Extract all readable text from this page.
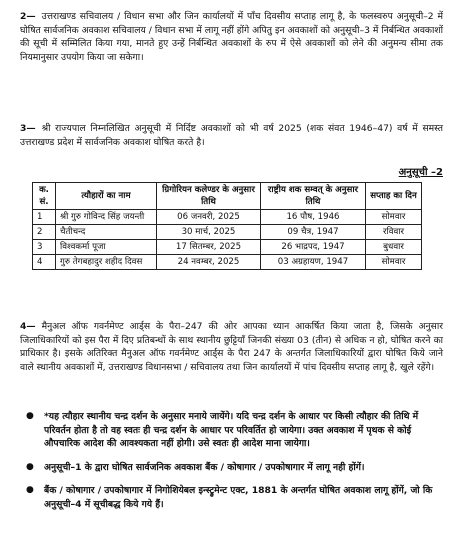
2— उत्तराखण्ड सचिवालय / विधान सभा और जिन कार्यालयों में पाँच दिवसीय सप्ताह लागू है, के फलस्वरुप अनुसूची–2 में घोषित सार्वजनिक अवकाश सचिवालय / विधान सभा में लागू नहीं होंगे अपितु इन अवकाशों को अनुसूची–3 में निर्बन्धित अवकाशों की सूची में सम्मिलित किया गया, मानते हुए उन्हें निर्बन्धित अवकाशों के रुप में ऐसे अवकाशों को लेने की अनुमन्य सीमा तक नियमानुसार उपयोग किया जा सकेगा।
3— श्री राज्यपाल निम्नलिखित अनुसूची में निर्दिष्ट अवकाशों को भी वर्ष 2025 (शक संवत 1946–47) वर्ष में समस्त उत्तराखण्ड प्रदेश में सार्वजनिक अवकाश घोषित करते है।
अनुसूची –2
क. सं.	त्यौहारों का नाम	ग्रिगोरियन कलेण्डर के अनुसार तिथि	राष्ट्रीय शक सम्वत् के अनुसार तिथि	सप्ताह का दिन
1	श्री गुरु गोविन्द सिंह जयन्ती	06 जनवरी, 2025	16 पौष, 1946	सोमवार
2	चैतीचन्द	30 मार्च, 2025	09 चैत्र, 1947	रविवार
3	विश्वकर्मा पूजा	17 सितम्बर, 2025	26 भाद्रपद, 1947	बुधवार
4	गुरु तेगबहादुर शहीद दिवस	24 नवम्बर, 2025	03 अग्रहायण, 1947	सोमवार
4— मैनुअल ऑफ गवर्नमेण्ट आर्ड्स के पैरा–247 की ओर आपका ध्यान आकर्षित किया जाता है, जिसके अनुसार जिलाधिकारियों को इस पैरा में दिए प्रतिबन्धों के साथ स्थानीय छुट्टियाँ जिनकी संख्या 03 (तीन) से अधिक न हो, घोषित करने का प्राधिकार है। इसके अतिरिक्त मैनुअल ऑफ गवर्नमेण्ट आर्ड्स के पैरा 247 के अन्तर्गत जिलाधिकारियों द्वारा घोषित किये जाने वाले स्थानीय अवकाशों में, उत्तराखण्ड विधानसभा / सचिवालय तथा जिन कार्यालयों में पांच दिवसीय सप्ताह लागू है, खुले रहेंगे।
● *यह त्यौहार स्थानीय चन्द्र दर्शन के अनुसार मनाये जायेंगे। यदि चन्द्र दर्शन के आधार पर किसी त्यौहार की तिथि में परिवर्तन होता है तो वह स्वतः ही चन्द्र दर्शन के आधार पर परिवर्तित हो जायेगा। उक्त अवकाश में पृथक से कोई औपचारिक आदेश की आवश्यकता नहीं होगी। उसे स्वतः ही आदेश माना जायेगा।
● अनुसूची–1 के द्वारा घोषित सार्वजनिक अवकाश बैंक / कोषागार / उपकोषागार में लागू नही होंगें।
● बैंक / कोषागार / उपकोषागार में निगोशियेबल इन्स्ट्रुमेन्ट एक्ट, 1881 के अन्तर्गत घोषित अवकाश लागू होंगें, जो कि अनुसूची–4 में सूचीबद्ध किये गये हैं।
